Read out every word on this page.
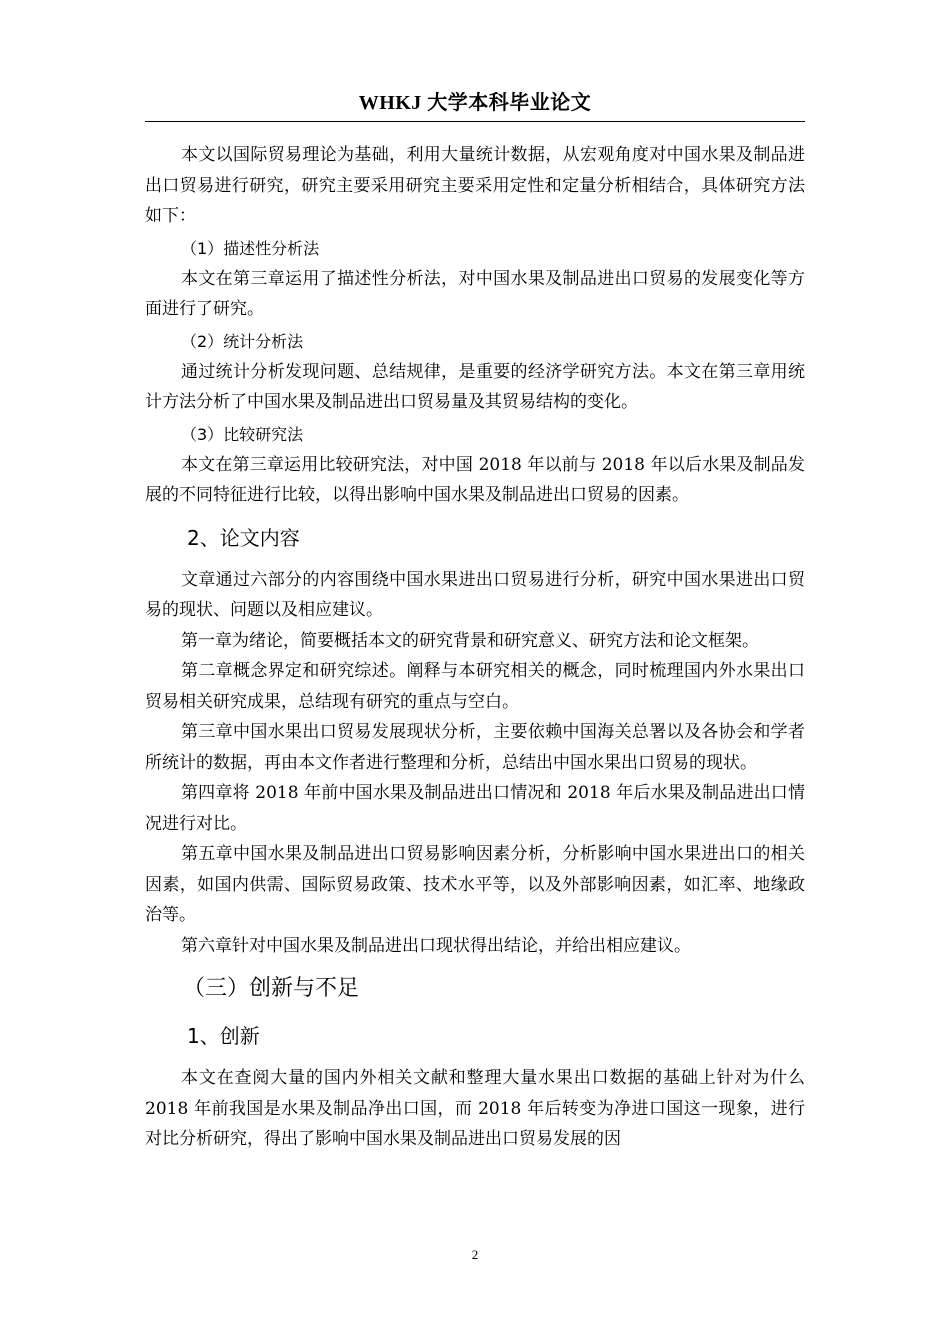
WHKJ 大学本科毕业论文

本文以国际贸易理论为基础，利用大量统计数据，从宏观角度对中国水果及制品进出口贸易进行研究，研究主要采用研究主要采用定性和定量分析相结合，具体研究方法如下：

（1）描述性分析法

本文在第三章运用了描述性分析法，对中国水果及制品进出口贸易的发展变化等方面进行了研究。

（2）统计分析法

通过统计分析发现问题、总结规律，是重要的经济学研究方法。本文在第三章用统计方法分析了中国水果及制品进出口贸易量及其贸易结构的变化。

（3）比较研究法

本文在第三章运用比较研究法，对中国 2018 年以前与 2018 年以后水果及制品发展的不同特征进行比较，以得出影响中国水果及制品进出口贸易的因素。

2、论文内容

文章通过六部分的内容围绕中国水果进出口贸易进行分析，研究中国水果进出口贸易的现状、问题以及相应建议。

第一章为绪论，简要概括本文的研究背景和研究意义、研究方法和论文框架。

第二章概念界定和研究综述。阐释与本研究相关的概念，同时梳理国内外水果出口贸易相关研究成果，总结现有研究的重点与空白。

第三章中国水果出口贸易发展现状分析，主要依赖中国海关总署以及各协会和学者所统计的数据，再由本文作者进行整理和分析，总结出中国水果出口贸易的现状。

第四章将 2018 年前中国水果及制品进出口情况和 2018 年后水果及制品进出口情况进行对比。

第五章中国水果及制品进出口贸易影响因素分析，分析影响中国水果进出口的相关因素，如国内供需、国际贸易政策、技术水平等，以及外部影响因素，如汇率、地缘政治等。

第六章针对中国水果及制品进出口现状得出结论，并给出相应建议。

（三）创新与不足

1、创新

本文在查阅大量的国内外相关文献和整理大量水果出口数据的基础上针对为什么 2018 年前我国是水果及制品净出口国，而 2018 年后转变为净进口国这一现象，进行对比分析研究，得出了影响中国水果及制品进出口贸易发展的因

2
